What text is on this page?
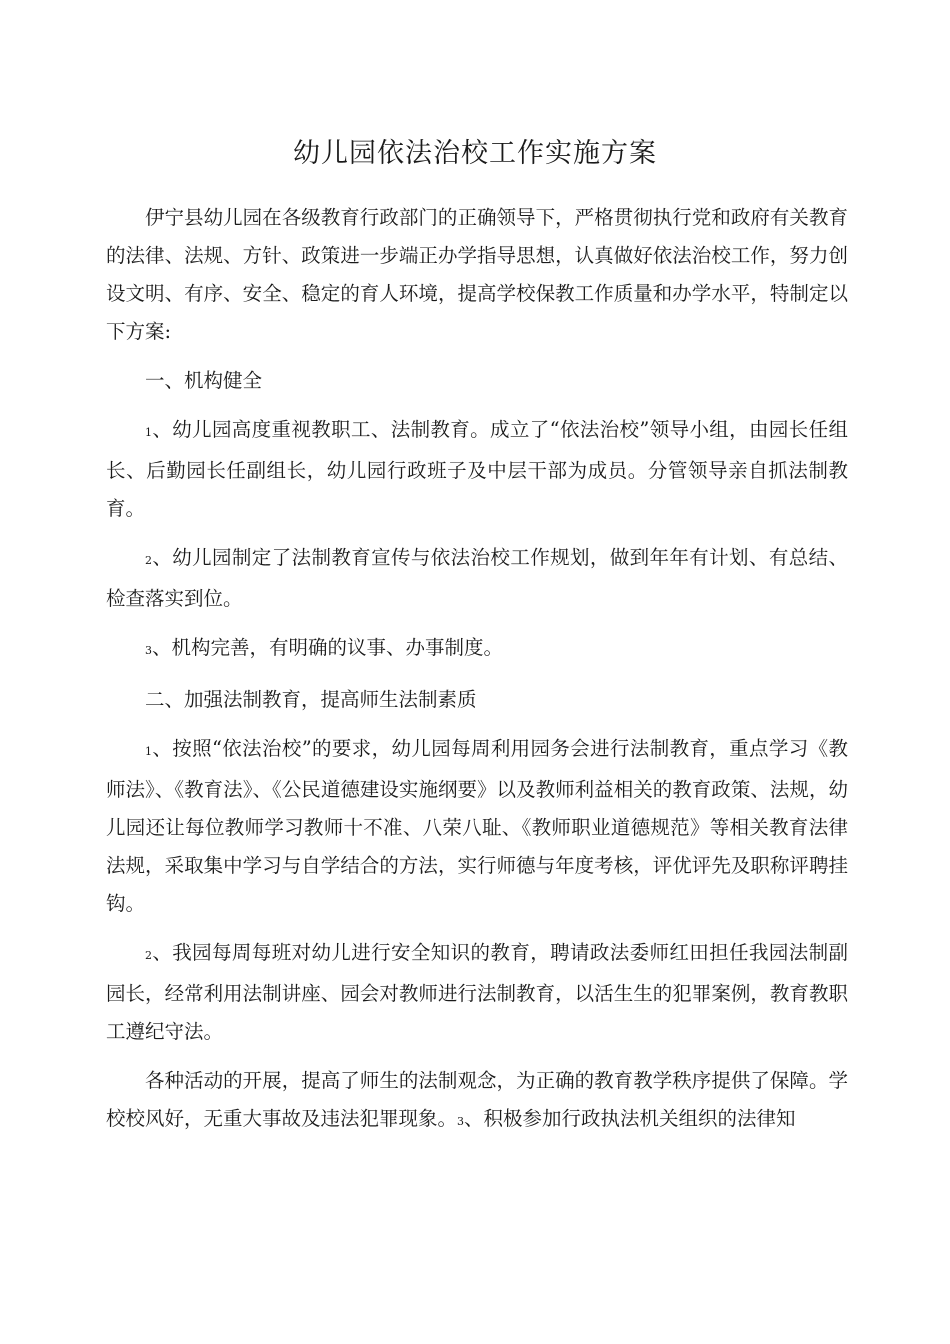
幼儿园依法治校工作实施方案

伊宁县幼儿园在各级教育行政部门的正确领导下，严格贯彻执行党和政府有关教育的法律、法规、方针、政策进一步端正办学指导思想，认真做好依法治校工作，努力创设文明、有序、安全、稳定的育人环境，提高学校保教工作质量和办学水平，特制定以下方案:

一、机构健全

1、幼儿园高度重视教职工、法制教育。成立了“依法治校”领导小组，由园长任组长、后勤园长任副组长，幼儿园行政班子及中层干部为成员。分管领导亲自抓法制教育。

2、幼儿园制定了法制教育宣传与依法治校工作规划，做到年年有计划、有总结、检查落实到位。

3、机构完善，有明确的议事、办事制度。

二、加强法制教育，提高师生法制素质

1、按照“依法治校”的要求，幼儿园每周利用园务会进行法制教育，重点学习《教师法》、《教育法》、《公民道德建设实施纲要》以及教师利益相关的教育政策、法规，幼儿园还让每位教师学习教师十不准、八荣八耻、《教师职业道德规范》等相关教育法律法规，采取集中学习与自学结合的方法，实行师德与年度考核，评优评先及职称评聘挂钩。

2、我园每周每班对幼儿进行安全知识的教育，聘请政法委师红田担任我园法制副园长，经常利用法制讲座、园会对教师进行法制教育，以活生生的犯罪案例，教育教职工遵纪守法。

各种活动的开展，提高了师生的法制观念，为正确的教育教学秩序提供了保障。学校校风好，无重大事故及违法犯罪现象。3、积极参加行政执法机关组织的法律知
